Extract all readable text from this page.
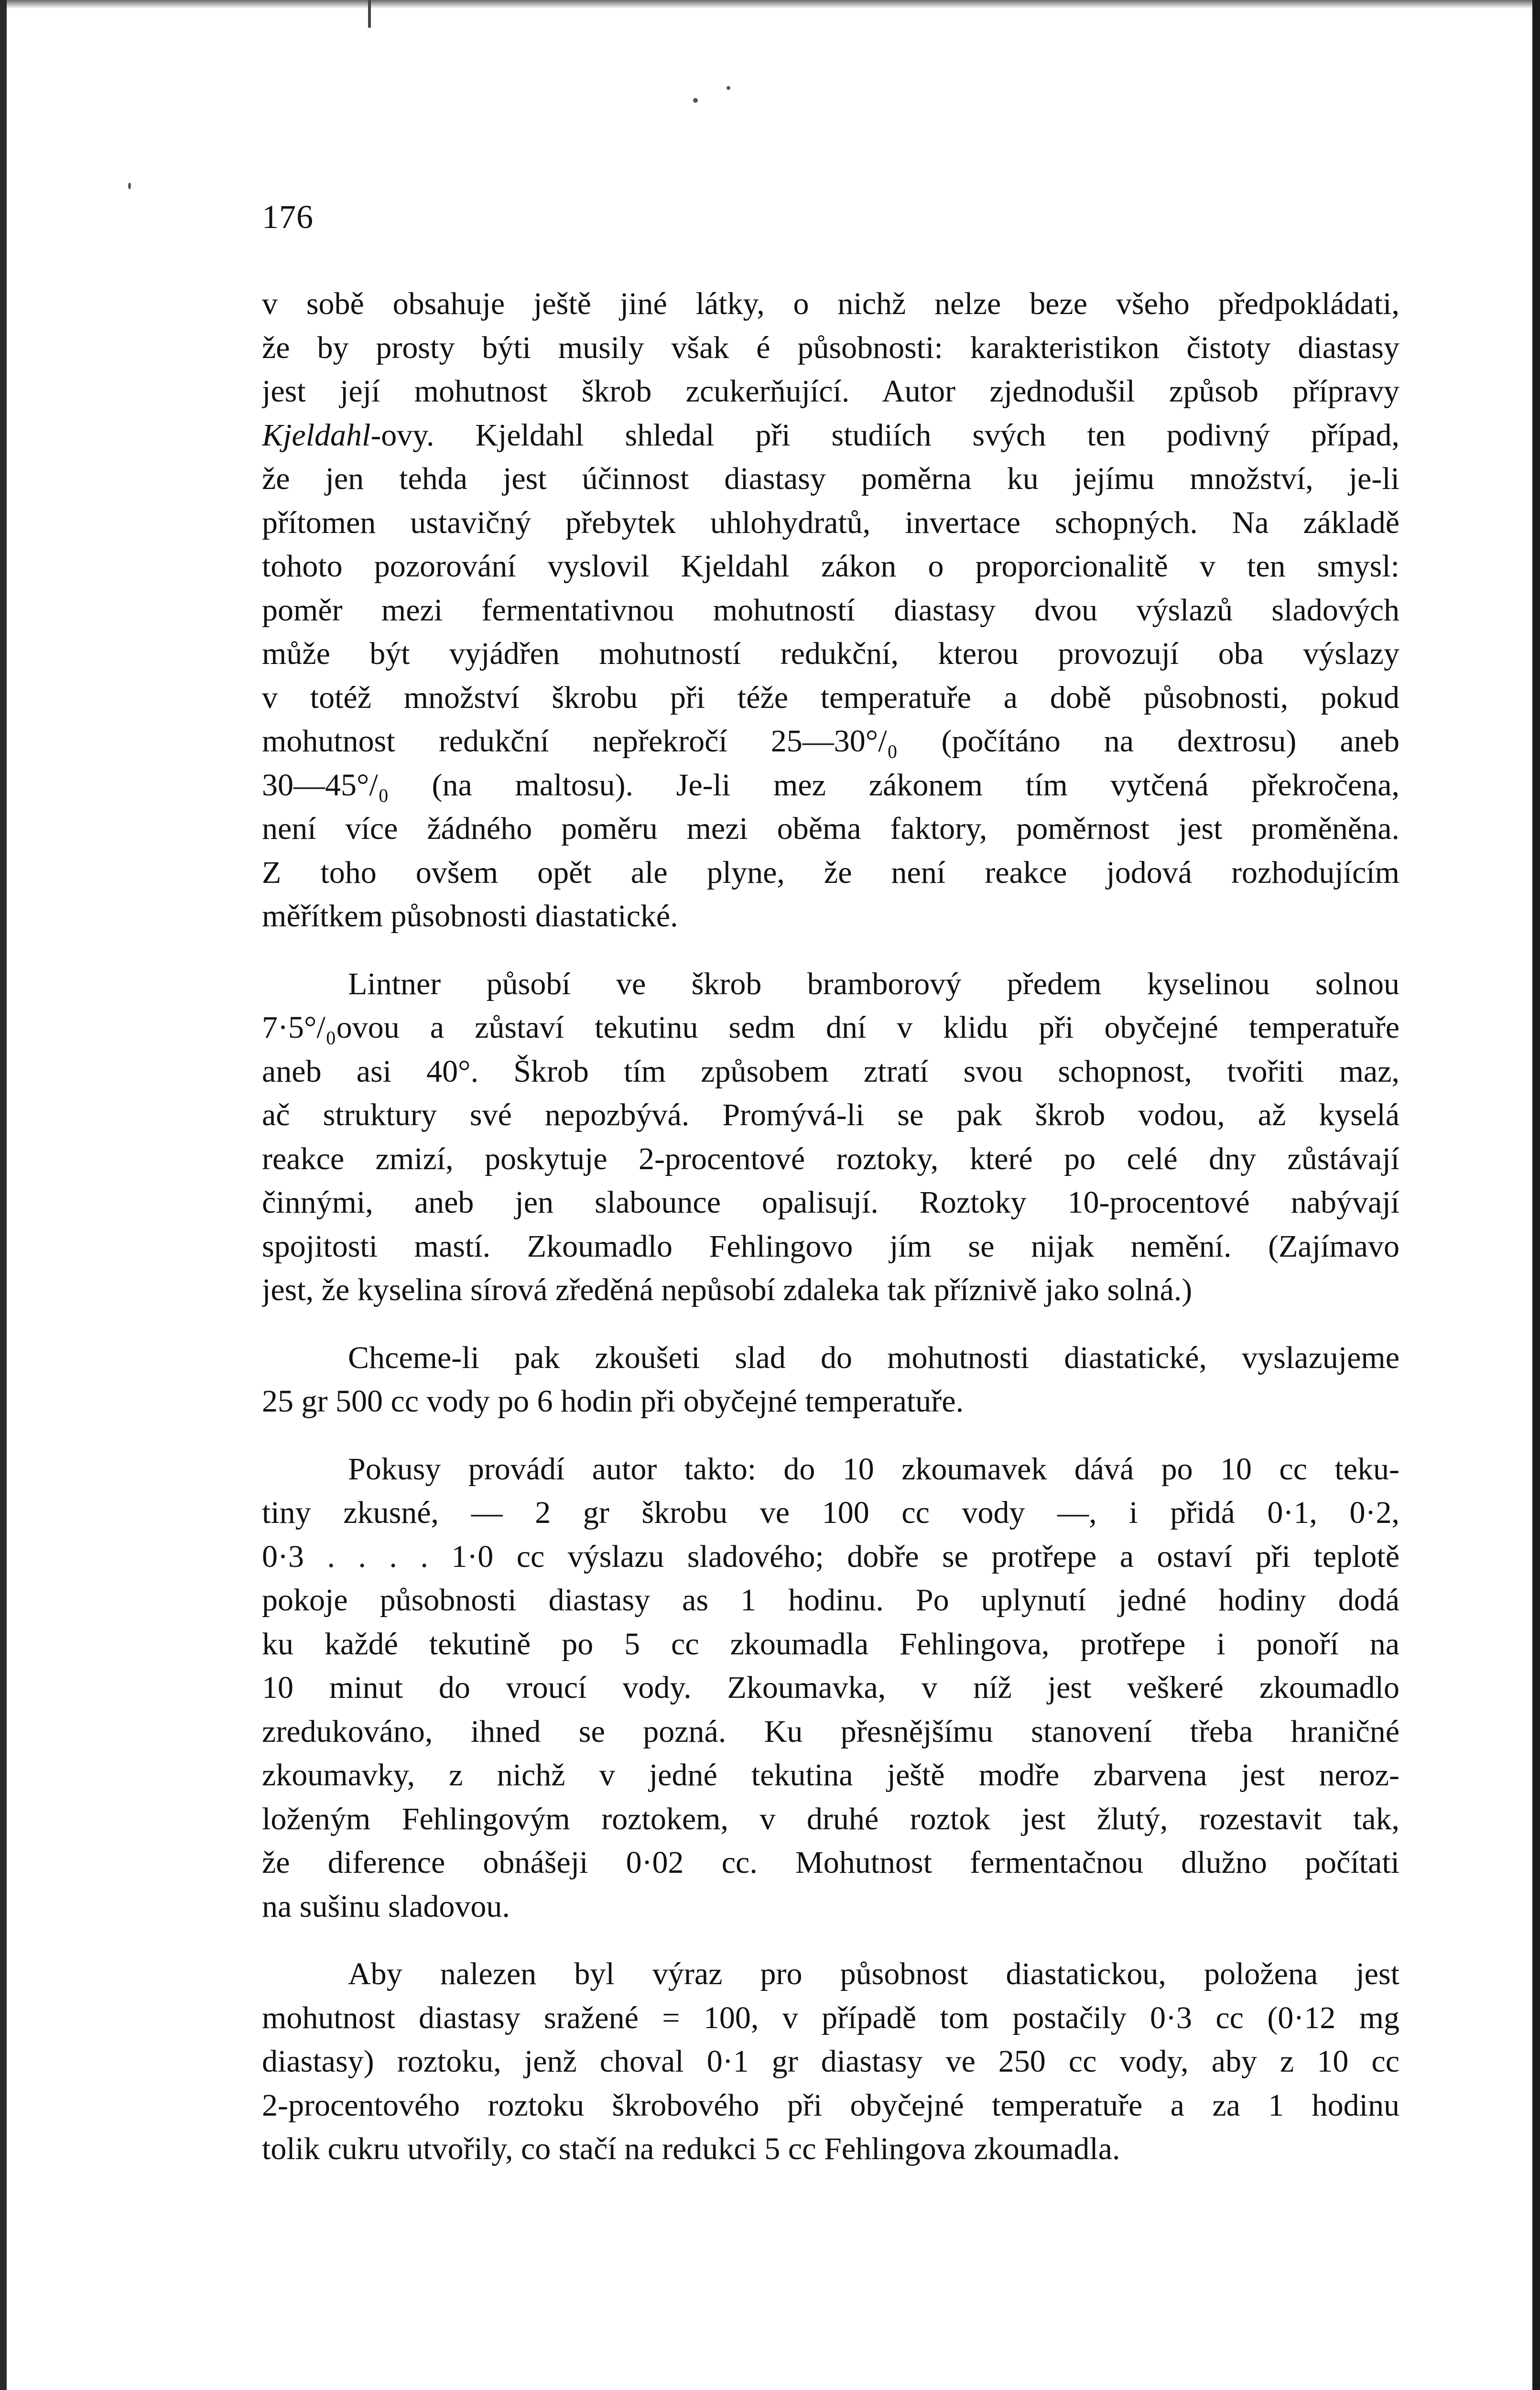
176

v sobě obsahuje ještě jiné látky, o nichž nelze beze všeho předpokládati,

že by prosty býti musily však é působnosti: karakteristikon čistoty diastasy

jest její mohutnost škrob zcukerňující. Autor zjednodušil způsob přípravy

Kjeldahl-ovy. Kjeldahl shledal při studiích svých ten podivný případ,

že jen tehda jest účinnost diastasy poměrna ku jejímu množství, je-li

přítomen ustavičný přebytek uhlohydratů, invertace schopných. Na základě

tohoto pozorování vyslovil Kjeldahl zákon o proporcionalitě v ten smysl:

poměr mezi fermentativnou mohutností diastasy dvou výslazů sladových

může být vyjádřen mohutností redukční, kterou provozují oba výslazy

v totéž množství škrobu při téže temperatuře a době působnosti, pokud

mohutnost redukční nepřekročí 25—30°/₀ (počítáno na dextrosu) aneb

30—45°/₀ (na maltosu). Je-li mez zákonem tím vytčená překročena,

není více žádného poměru mezi oběma faktory, poměrnost jest proměněna.

Z toho ovšem opět ale plyne, že není reakce jodová rozhodujícím

měřítkem působnosti diastatické.

Lintner působí ve škrob bramborový předem kyselinou solnou

7·5°/₀ovou a zůstaví tekutinu sedm dní v klidu při obyčejné temperatuře

aneb asi 40°. Škrob tím způsobem ztratí svou schopnost, tvořiti maz,

ač struktury své nepozbývá. Promývá-li se pak škrob vodou, až kyselá

reakce zmizí, poskytuje 2-procentové roztoky, které po celé dny zůstávají

činnými, aneb jen slabounce opalisují. Roztoky 10-procentové nabývají

spojitosti mastí. Zkoumadlo Fehlingovo jím se nijak nemění. (Zajímavo

jest, že kyselina sírová zředěná nepůsobí zdaleka tak příznivě jako solná.)

Chceme-li pak zkoušeti slad do mohutnosti diastatické, vyslazujeme

25 gr 500 cc vody po 6 hodin při obyčejné temperatuře.

Pokusy provádí autor takto: do 10 zkoumavek dává po 10 cc teku-

tiny zkusné, — 2 gr škrobu ve 100 cc vody —, i přidá 0·1, 0·2,

0·3 . . . . 1·0 cc výslazu sladového; dobře se protřepe a ostaví při teplotě

pokoje působnosti diastasy as 1 hodinu. Po uplynutí jedné hodiny dodá

ku každé tekutině po 5 cc zkoumadla Fehlingova, protřepe i ponoří na

10 minut do vroucí vody. Zkoumavka, v níž jest veškeré zkoumadlo

zredukováno, ihned se pozná. Ku přesnějšímu stanovení třeba hraničné

zkoumavky, z nichž v jedné tekutina ještě modře zbarvena jest neroz-

loženým Fehlingovým roztokem, v druhé roztok jest žlutý, rozestavit tak,

že diference obnášeji 0·02 cc. Mohutnost fermentačnou dlužno počítati

na sušinu sladovou.

Aby nalezen byl výraz pro působnost diastatickou, položena jest

mohutnost diastasy sražené = 100, v případě tom postačily 0·3 cc (0·12 mg

diastasy) roztoku, jenž choval 0·1 gr diastasy ve 250 cc vody, aby z 10 cc

2-procentového roztoku škrobového při obyčejné temperatuře a za 1 hodinu

tolik cukru utvořily, co stačí na redukci 5 cc Fehlingova zkoumadla.
